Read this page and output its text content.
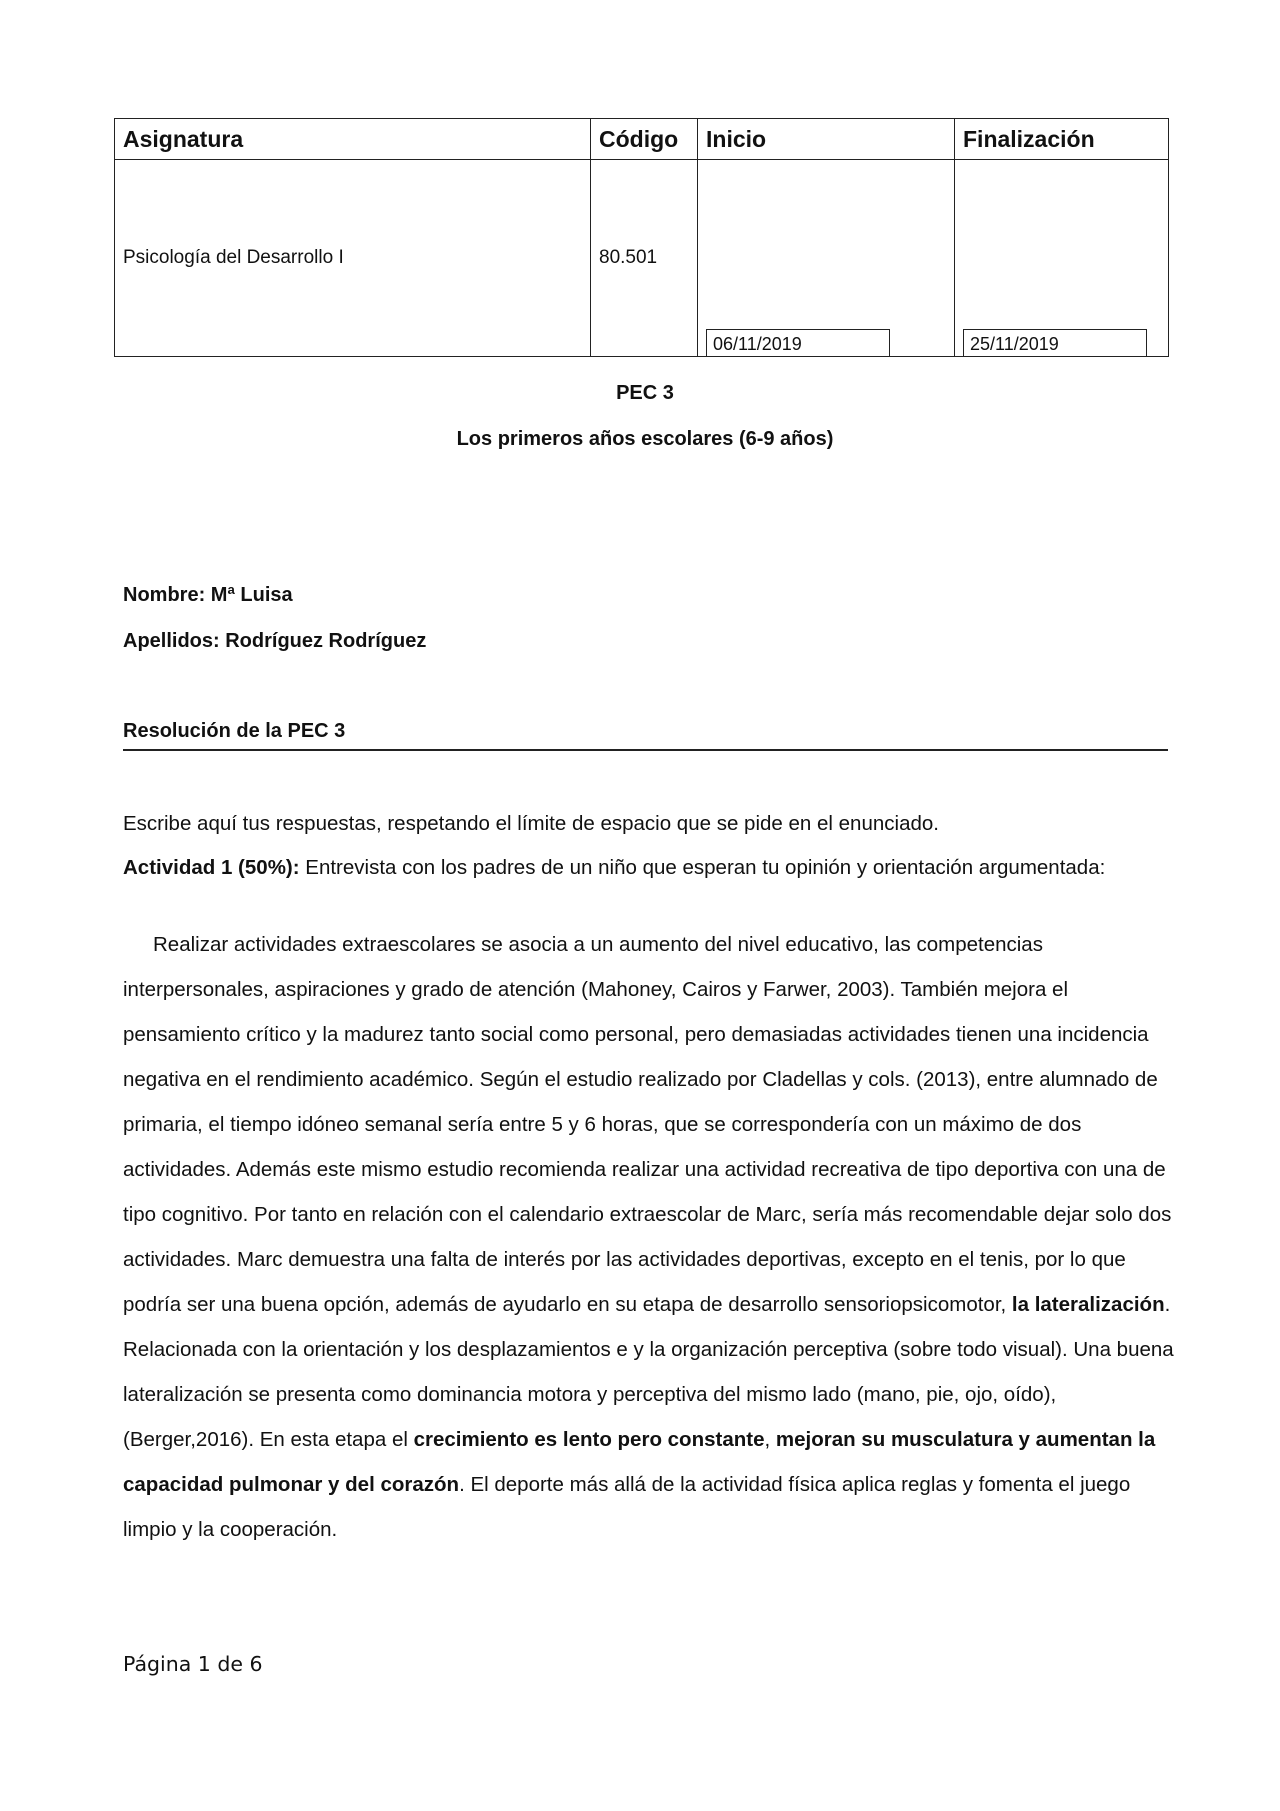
Asignatura	Código	Inicio	Finalización
Psicología del Desarrollo I	80.501	06/11/2019	25/11/2019
PEC 3
Los primeros años escolares (6-9 años)
Nombre: Mª Luisa
Apellidos: Rodríguez Rodríguez
Resolución de la PEC 3
Escribe aquí tus respuestas, respetando el límite de espacio que se pide en el enunciado.
Actividad 1 (50%): Entrevista con los padres de un niño que esperan tu opinión y orientación argumentada:

Realizar actividades extraescolares se asocia a un aumento del nivel educativo, las competencias interpersonales, aspiraciones y grado de atención (Mahoney, Cairos y Farwer, 2003). También mejora el pensamiento crítico y la madurez tanto social como personal, pero demasiadas actividades tienen una incidencia negativa en el rendimiento académico. Según el estudio realizado por Cladellas y cols. (2013), entre alumnado de primaria, el tiempo idóneo semanal sería entre 5 y 6 horas, que se correspondería con un máximo de dos actividades. Además este mismo estudio recomienda realizar una actividad recreativa de tipo deportiva con una de tipo cognitivo. Por tanto en relación con el calendario extraescolar de Marc, sería más recomendable dejar solo dos actividades. Marc demuestra una falta de interés por las actividades deportivas, excepto en el tenis, por lo que podría ser una buena opción, además de ayudarlo en su etapa de desarrollo sensoriopsicomotor, la lateralización. Relacionada con la orientación y los desplazamientos e y la organización perceptiva (sobre todo visual). Una buena lateralización se presenta como dominancia motora y perceptiva del mismo lado (mano, pie, ojo, oído), (Berger,2016). En esta etapa el crecimiento es lento pero constante, mejoran su musculatura y aumentan la capacidad pulmonar y del corazón. El deporte más allá de la actividad física aplica reglas y fomenta el juego limpio y la cooperación.

Página 1 de 6
